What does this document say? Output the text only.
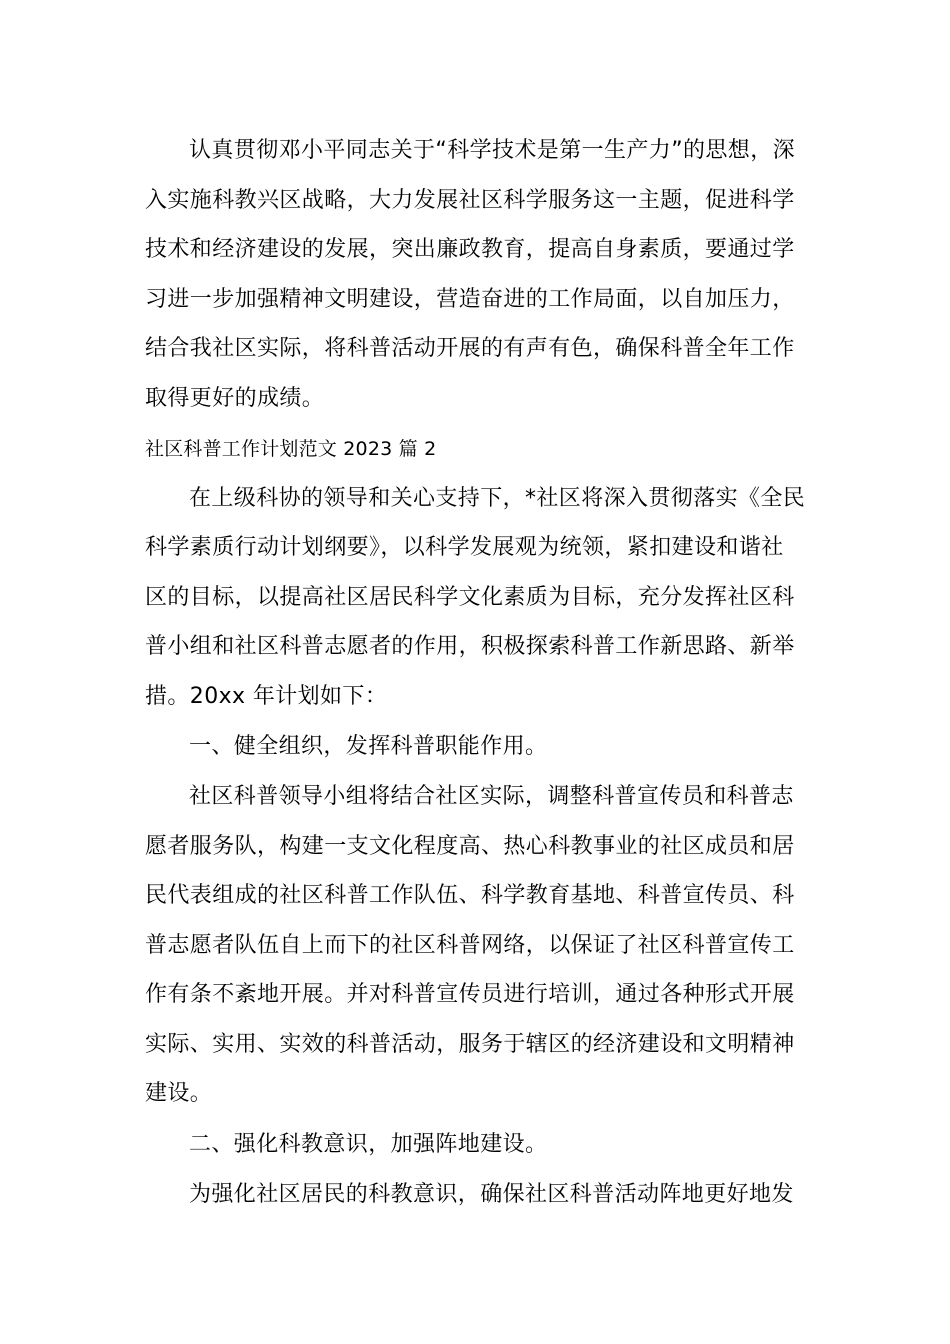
认真贯彻邓小平同志关于“科学技术是第一生产力”的思想，深
入实施科教兴区战略，大力发展社区科学服务这一主题，促进科学
技术和经济建设的发展，突出廉政教育，提高自身素质，要通过学
习进一步加强精神文明建设，营造奋进的工作局面，以自加压力，
结合我社区实际，将科普活动开展的有声有色，确保科普全年工作
取得更好的成绩。
社区科普工作计划范文 2023 篇 2
在上级科协的领导和关心支持下，*社区将深入贯彻落实《全民
科学素质行动计划纲要》，以科学发展观为统领，紧扣建设和谐社
区的目标，以提高社区居民科学文化素质为目标，充分发挥社区科
普小组和社区科普志愿者的作用，积极探索科普工作新思路、新举
措。20xx 年计划如下：
一、健全组织，发挥科普职能作用。
社区科普领导小组将结合社区实际，调整科普宣传员和科普志
愿者服务队，构建一支文化程度高、热心科教事业的社区成员和居
民代表组成的社区科普工作队伍、科学教育基地、科普宣传员、科
普志愿者队伍自上而下的社区科普网络，以保证了社区科普宣传工
作有条不紊地开展。并对科普宣传员进行培训，通过各种形式开展
实际、实用、实效的科普活动，服务于辖区的经济建设和文明精神
建设。
二、强化科教意识，加强阵地建设。
为强化社区居民的科教意识，确保社区科普活动阵地更好地发
